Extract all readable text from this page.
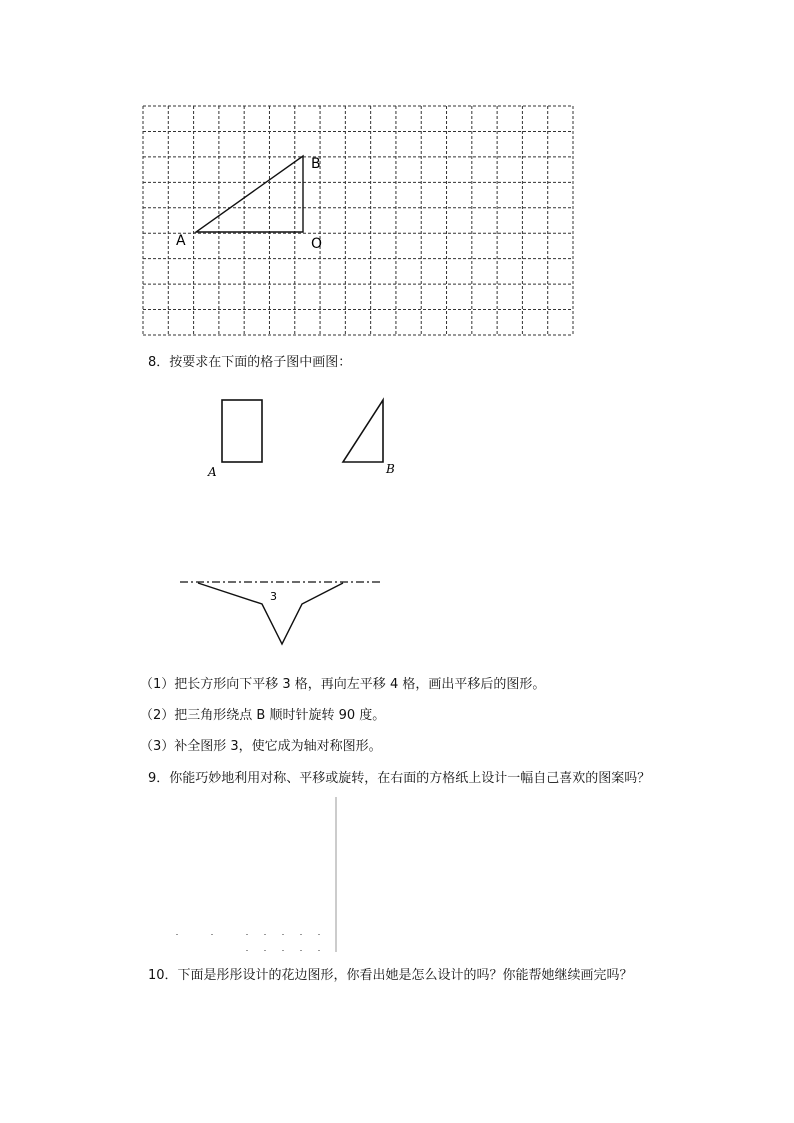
A
B
O
A	B
3
8．按要求在下面的格子图中画图：
（1）把长方形向下平移 3 格，再向左平移 4 格，画出平移后的图形。
（2）把三角形绕点 B 顺时针旋转 90 度。
（3）补全图形 3，使它成为轴对称图形。
9．你能巧妙地利用对称、平移或旋转，在右面的方格纸上设计一幅自己喜欢的图案吗？
10．下面是彤彤设计的花边图形，你看出她是怎么设计的吗？你能帮她继续画完吗？
